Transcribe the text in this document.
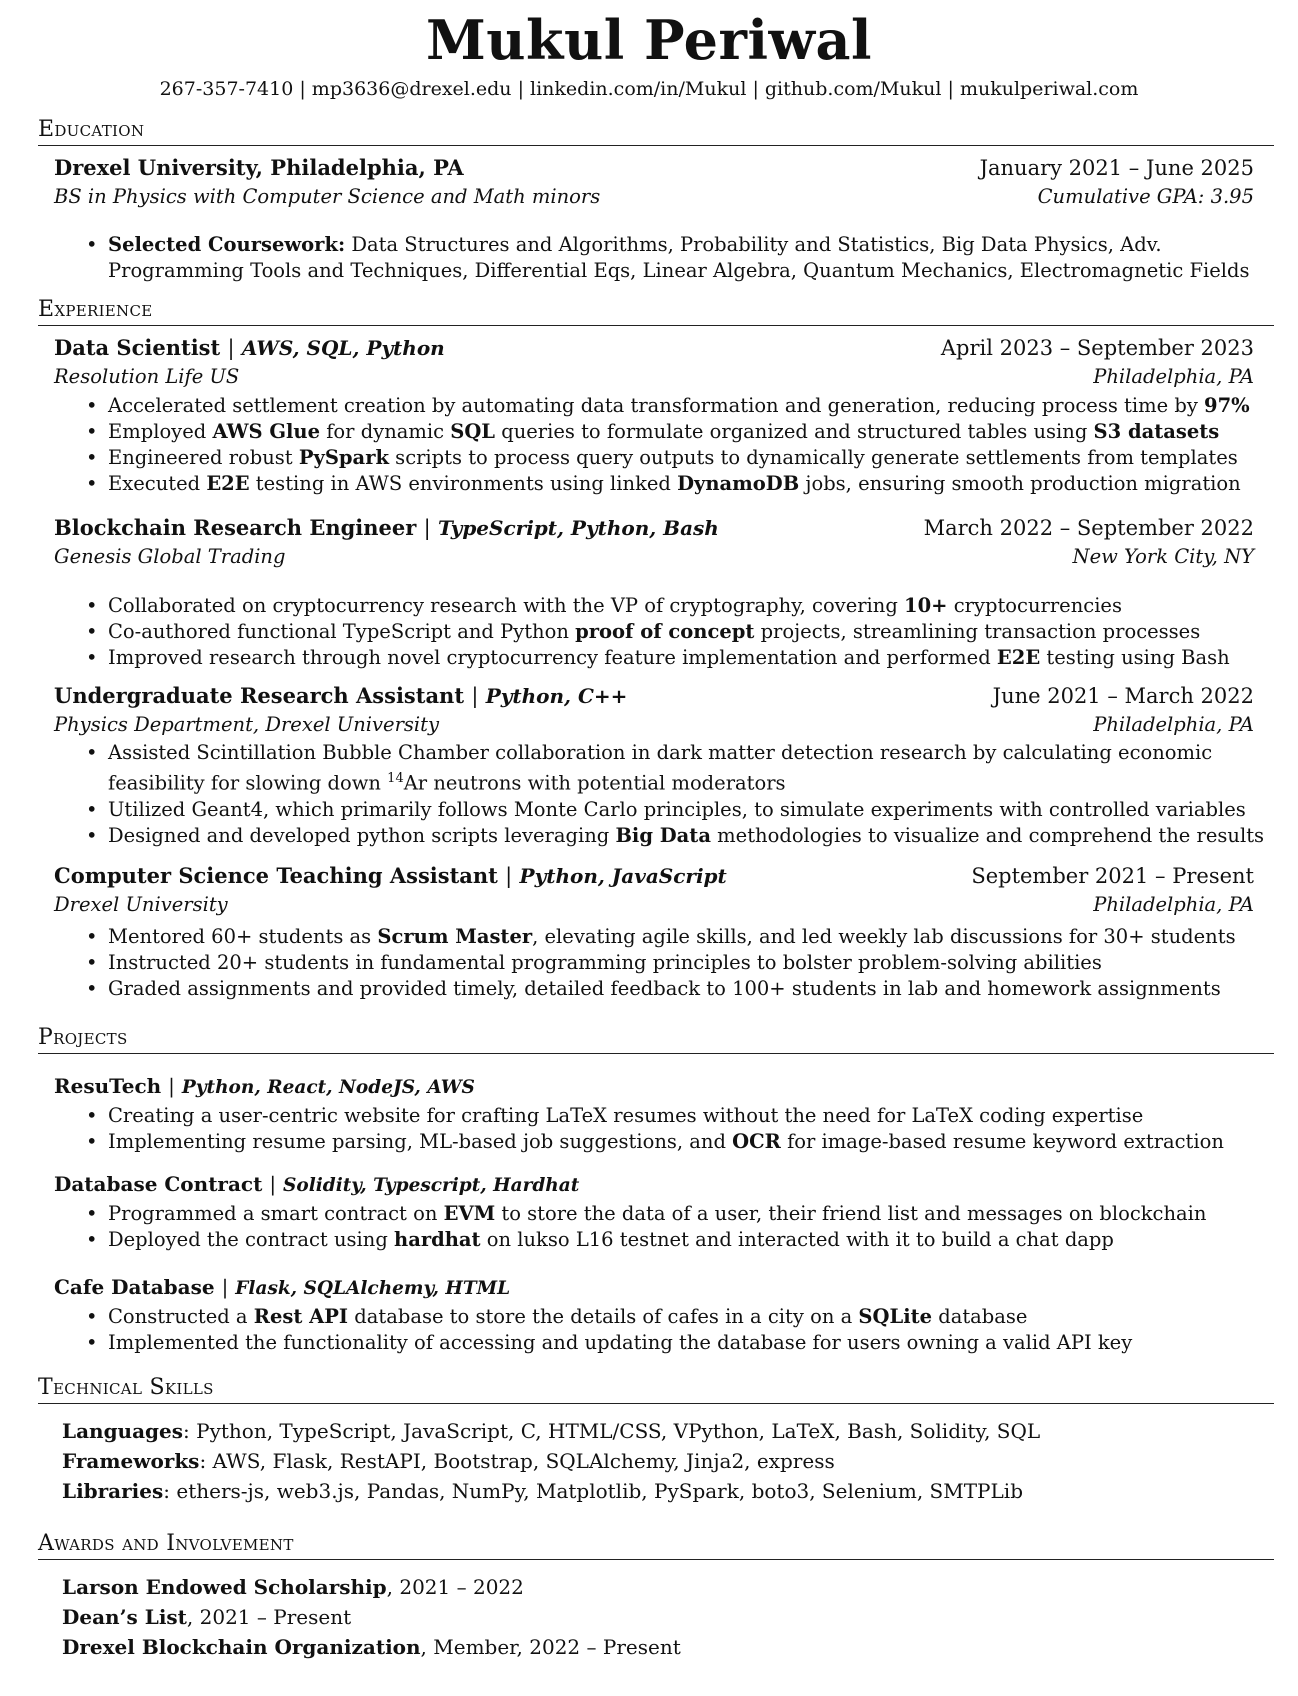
Mukul Periwal
267-357-7410 | mp3636@drexel.edu | linkedin.com/in/Mukul | github.com/Mukul | mukulperiwal.com
Education
Drexel University, Philadelphia, PA	January 2021 – June 2025
BS in Physics with Computer Science and Math minors	Cumulative GPA: 3.95
• Selected Coursework: Data Structures and Algorithms, Probability and Statistics, Big Data Physics, Adv. Programming Tools and Techniques, Differential Eqs, Linear Algebra, Quantum Mechanics, Electromagnetic Fields
Experience
Data Scientist | AWS, SQL, Python	April 2023 – September 2023
Resolution Life US	Philadelphia, PA
• Accelerated settlement creation by automating data transformation and generation, reducing process time by 97%
• Employed AWS Glue for dynamic SQL queries to formulate organized and structured tables using S3 datasets
• Engineered robust PySpark scripts to process query outputs to dynamically generate settlements from templates
• Executed E2E testing in AWS environments using linked DynamoDB jobs, ensuring smooth production migration
Blockchain Research Engineer | TypeScript, Python, Bash	March 2022 – September 2022
Genesis Global Trading	New York City, NY
• Collaborated on cryptocurrency research with the VP of cryptography, covering 10+ cryptocurrencies
• Co-authored functional TypeScript and Python proof of concept projects, streamlining transaction processes
• Improved research through novel cryptocurrency feature implementation and performed E2E testing using Bash
Undergraduate Research Assistant | Python, C++	June 2021 – March 2022
Physics Department, Drexel University	Philadelphia, PA
• Assisted Scintillation Bubble Chamber collaboration in dark matter detection research by calculating economic feasibility for slowing down $^{14}$Ar neutrons with potential moderators
• Utilized Geant4, which primarily follows Monte Carlo principles, to simulate experiments with controlled variables
• Designed and developed python scripts leveraging Big Data methodologies to visualize and comprehend the results
Computer Science Teaching Assistant | Python, JavaScript	September 2021 – Present
Drexel University	Philadelphia, PA
• Mentored 60+ students as Scrum Master, elevating agile skills, and led weekly lab discussions for 30+ students
• Instructed 20+ students in fundamental programming principles to bolster problem-solving abilities
• Graded assignments and provided timely, detailed feedback to 100+ students in lab and homework assignments
Projects
ResuTech | Python, React, NodeJS, AWS
• Creating a user-centric website for crafting LaTeX resumes without the need for LaTeX coding expertise
• Implementing resume parsing, ML-based job suggestions, and OCR for image-based resume keyword extraction
Database Contract | Solidity, Typescript, Hardhat
• Programmed a smart contract on EVM to store the data of a user, their friend list and messages on blockchain
• Deployed the contract using hardhat on lukso L16 testnet and interacted with it to build a chat dapp
Cafe Database | Flask, SQLAlchemy, HTML
• Constructed a Rest API database to store the details of cafes in a city on a SQLite database
• Implemented the functionality of accessing and updating the database for users owning a valid API key
Technical Skills
Languages: Python, TypeScript, JavaScript, C, HTML/CSS, VPython, LaTeX, Bash, Solidity, SQL
Frameworks: AWS, Flask, RestAPI, Bootstrap, SQLAlchemy, Jinja2, express
Libraries: ethers-js, web3.js, Pandas, NumPy, Matplotlib, PySpark, boto3, Selenium, SMTPLib
Awards and Involvement
Larson Endowed Scholarship, 2021 – 2022
Dean’s List, 2021 – Present
Drexel Blockchain Organization, Member, 2022 – Present
